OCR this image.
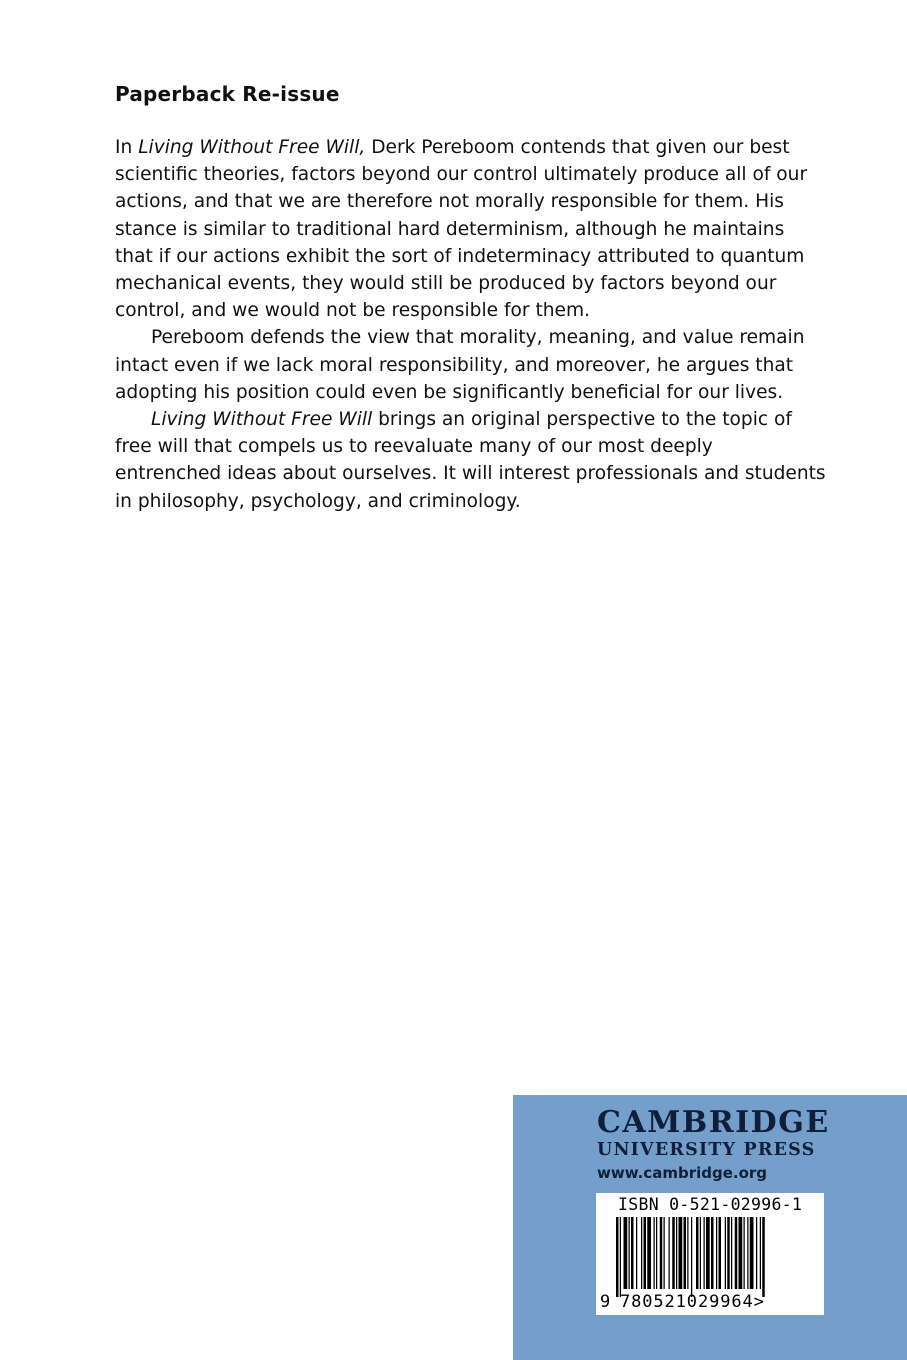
Paperback Re-issue

In Living Without Free Will, Derk Pereboom contends that given our best

scientific theories, factors beyond our control ultimately produce all of our

actions, and that we are therefore not morally responsible for them. His

stance is similar to traditional hard determinism, although he maintains

that if our actions exhibit the sort of indeterminacy attributed to quantum

mechanical events, they would still be produced by factors beyond our

control, and we would not be responsible for them.

Pereboom defends the view that morality, meaning, and value remain

intact even if we lack moral responsibility, and moreover, he argues that

adopting his position could even be significantly beneficial for our lives.

Living Without Free Will brings an original perspective to the topic of

free will that compels us to reevaluate many of our most deeply

entrenched ideas about ourselves. It will interest professionals and students

in philosophy, psychology, and criminology.

CAMBRIDGE
UNIVERSITY PRESS
www.cambridge.org
ISBN 0-521-02996-1
9 780521029964>
